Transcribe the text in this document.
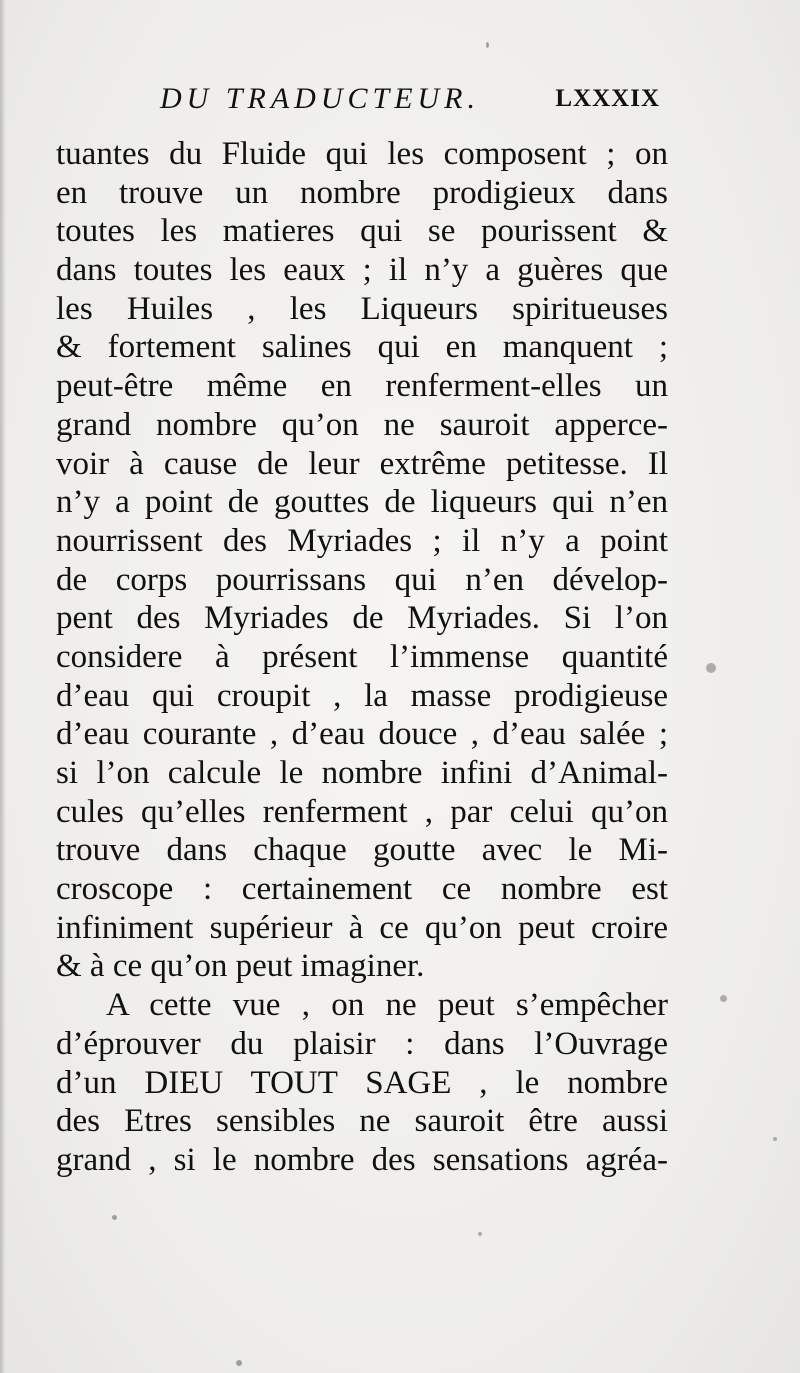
DU TRADUCTEUR.	LXXXIX
tuantes du Fluide qui les composent ; on
en trouve un nombre prodigieux dans
toutes les matieres qui se pourissent &
dans toutes les eaux ; il n’y a guères que
les Huiles , les Liqueurs spiritueuses
& fortement salines qui en manquent ;
peut-être même en renferment-elles un
grand nombre qu’on ne sauroit apperce-
voir à cause de leur extrême petitesse. Il
n’y a point de gouttes de liqueurs qui n’en
nourrissent des Myriades ; il n’y a point
de corps pourrissans qui n’en dévelop-
pent des Myriades de Myriades. Si l’on
considere à présent l’immense quantité
d’eau qui croupit , la masse prodigieuse
d’eau courante , d’eau douce , d’eau salée ;
si l’on calcule le nombre infini d’Animal-
cules qu’elles renferment , par celui qu’on
trouve dans chaque goutte avec le Mi-
croscope : certainement ce nombre est
infiniment supérieur à ce qu’on peut croire
& à ce qu’on peut imaginer.
A cette vue , on ne peut s’empêcher
d’éprouver du plaisir : dans l’Ouvrage
d’un DIEU TOUT SAGE , le nombre
des Etres sensibles ne sauroit être aussi
grand , si le nombre des sensations agréa-
